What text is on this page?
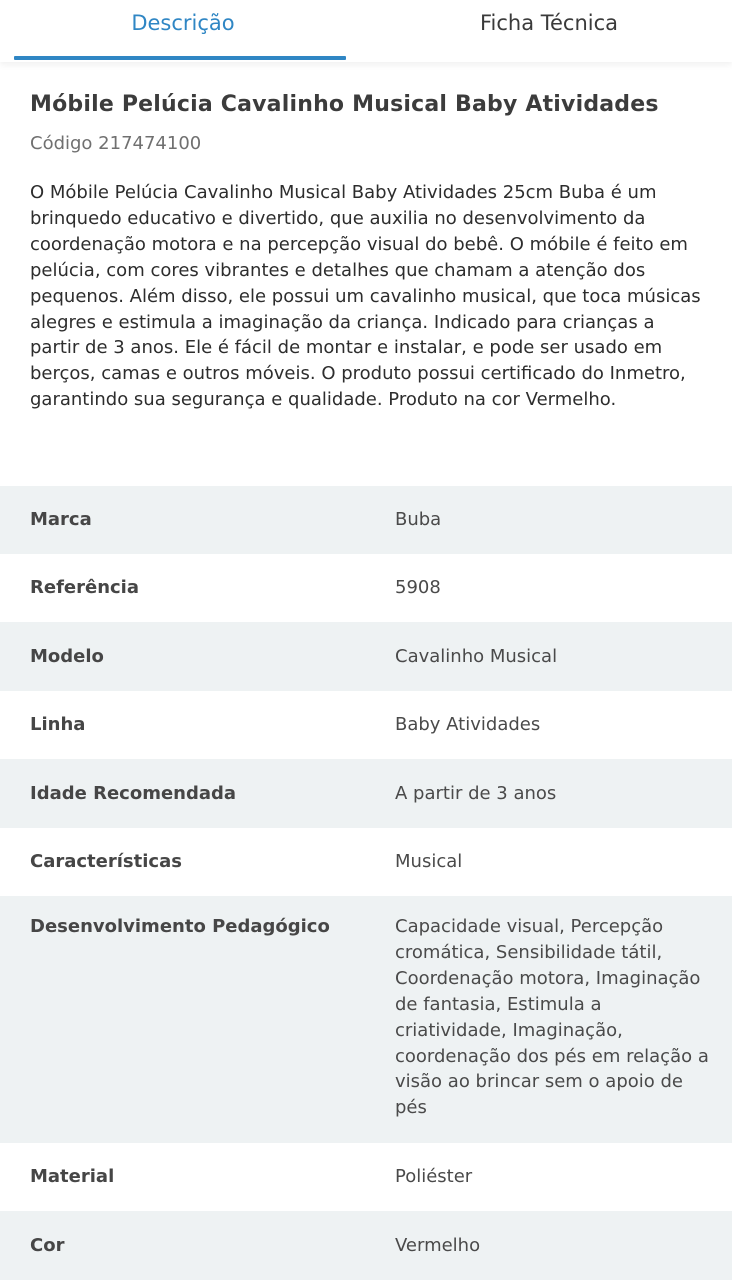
Descrição	Ficha Técnica
Móbile Pelúcia Cavalinho Musical Baby Atividades
Código 217474100
O Móbile Pelúcia Cavalinho Musical Baby Atividades 25cm Buba é um brinquedo educativo e divertido, que auxilia no desenvolvimento da coordenação motora e na percepção visual do bebê. O móbile é feito em pelúcia, com cores vibrantes e detalhes que chamam a atenção dos pequenos. Além disso, ele possui um cavalinho musical, que toca músicas alegres e estimula a imaginação da criança. Indicado para crianças a partir de 3 anos. Ele é fácil de montar e instalar, e pode ser usado em berços, camas e outros móveis. O produto possui certificado do Inmetro, garantindo sua segurança e qualidade. Produto na cor Vermelho.
Marca	Buba
Referência	5908
Modelo	Cavalinho Musical
Linha	Baby Atividades
Idade Recomendada	A partir de 3 anos
Características	Musical
Desenvolvimento Pedagógico	Capacidade visual, Percepção cromática, Sensibilidade tátil, Coordenação motora, Imaginação de fantasia, Estimula a criatividade, Imaginação, coordenação dos pés em relação a visão ao brincar sem o apoio de pés
Material	Poliéster
Cor	Vermelho
